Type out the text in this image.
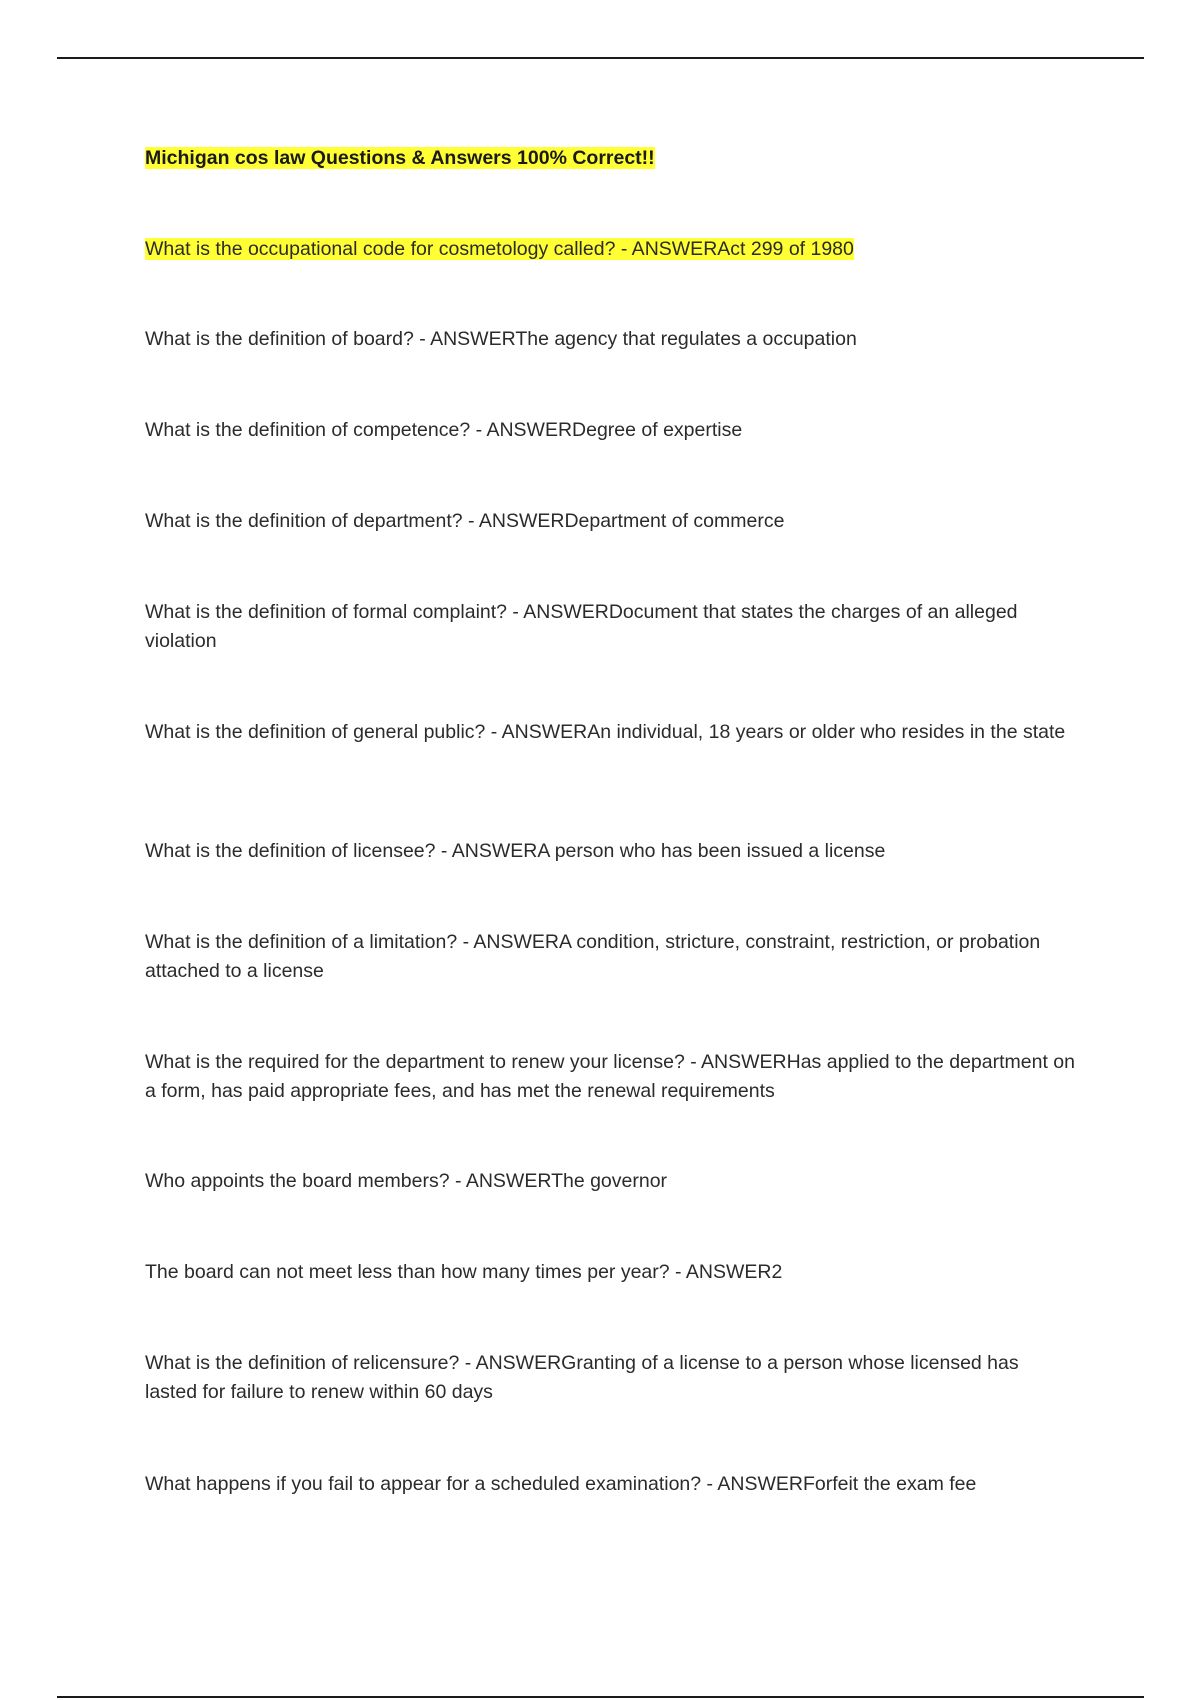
Michigan cos law Questions & Answers 100% Correct!!

What is the occupational code for cosmetology called? - ANSWERAct 299 of 1980

What is the definition of board? - ANSWERThe agency that regulates a occupation

What is the definition of competence? - ANSWERDegree of expertise

What is the definition of department? - ANSWERDepartment of commerce

What is the definition of formal complaint? - ANSWERDocument that states the charges of an alleged violation

What is the definition of general public? - ANSWERAn individual, 18 years or older who resides in the state

What is the definition of licensee? - ANSWERA person who has been issued a license

What is the definition of a limitation? - ANSWERA condition, stricture, constraint, restriction, or probation attached to a license

What is the required for the department to renew your license? - ANSWERHas applied to the department on a form, has paid appropriate fees, and has met the renewal requirements

Who appoints the board members? - ANSWERThe governor

The board can not meet less than how many times per year? - ANSWER2

What is the definition of relicensure? - ANSWERGranting of a license to a person whose licensed has lasted for failure to renew within 60 days

What happens if you fail to appear for a scheduled examination? - ANSWERForfeit the exam fee
